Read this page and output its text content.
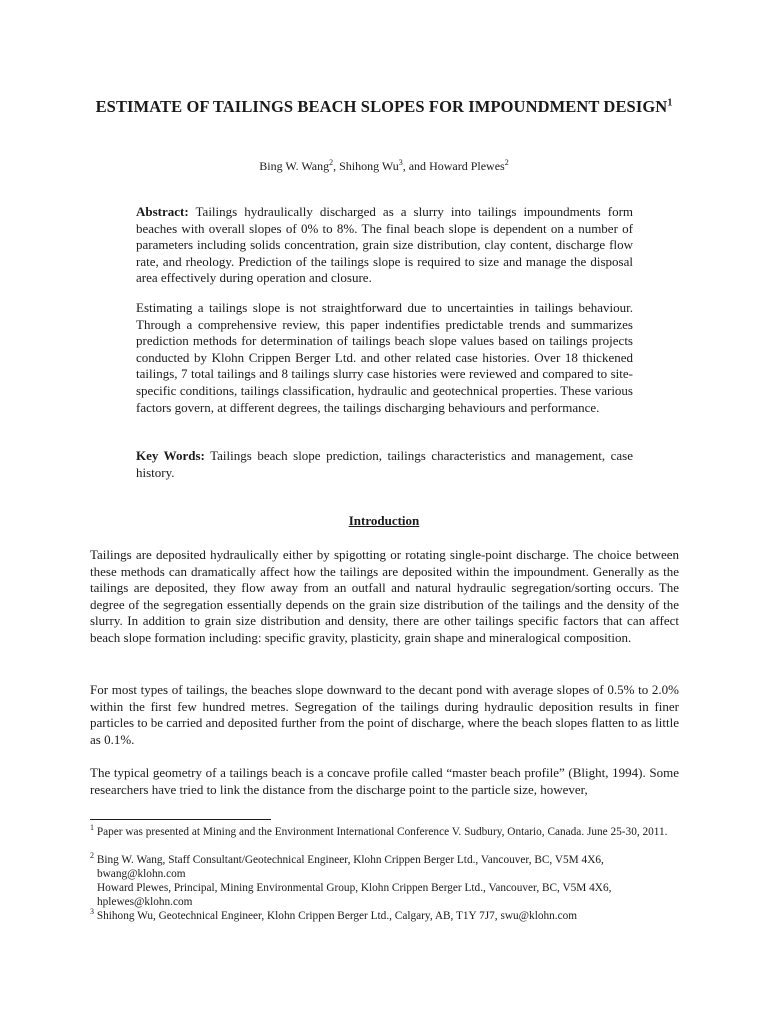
ESTIMATE OF TAILINGS BEACH SLOPES FOR IMPOUNDMENT DESIGN$^1$
Bing W. Wang$^2$, Shihong Wu$^3$, and Howard Plewes$^2$

Abstract: Tailings hydraulically discharged as a slurry into tailings impoundments form beaches with overall slopes of 0% to 8%. The final beach slope is dependent on a number of parameters including solids concentration, grain size distribution, clay content, discharge flow rate, and rheology. Prediction of the tailings slope is required to size and manage the disposal area effectively during operation and closure.

Estimating a tailings slope is not straightforward due to uncertainties in tailings behaviour. Through a comprehensive review, this paper indentifies predictable trends and summarizes prediction methods for determination of tailings beach slope values based on tailings projects conducted by Klohn Crippen Berger Ltd. and other related case histories. Over 18 thickened tailings, 7 total tailings and 8 tailings slurry case histories were reviewed and compared to site-specific conditions, tailings classification, hydraulic and geotechnical properties. These various factors govern, at different degrees, the tailings discharging behaviours and performance.

Key Words: Tailings beach slope prediction, tailings characteristics and management, case history.

Introduction

Tailings are deposited hydraulically either by spigotting or rotating single-point discharge. The choice between these methods can dramatically affect how the tailings are deposited within the impoundment. Generally as the tailings are deposited, they flow away from an outfall and natural hydraulic segregation/sorting occurs. The degree of the segregation essentially depends on the grain size distribution of the tailings and the density of the slurry. In addition to grain size distribution and density, there are other tailings specific factors that can affect beach slope formation including: specific gravity, plasticity, grain shape and mineralogical composition.

For most types of tailings, the beaches slope downward to the decant pond with average slopes of 0.5% to 2.0% within the first few hundred metres. Segregation of the tailings during hydraulic deposition results in finer particles to be carried and deposited further from the point of discharge, where the beach slopes flatten to as little as 0.1%.

The typical geometry of a tailings beach is a concave profile called “master beach profile” (Blight, 1994). Some researchers have tried to link the distance from the discharge point to the particle size, however,

$^1$ Paper was presented at Mining and the Environment International Conference V. Sudbury, Ontario, Canada. June 25-30, 2011.

$^2$ Bing W. Wang, Staff Consultant/Geotechnical Engineer, Klohn Crippen Berger Ltd., Vancouver, BC, V5M 4X6,
bwang@klohn.com

Howard Plewes, Principal, Mining Environmental Group, Klohn Crippen Berger Ltd., Vancouver, BC, V5M 4X6,
hplewes@klohn.com

$^3$ Shihong Wu, Geotechnical Engineer, Klohn Crippen Berger Ltd., Calgary, AB, T1Y 7J7, swu@klohn.com
